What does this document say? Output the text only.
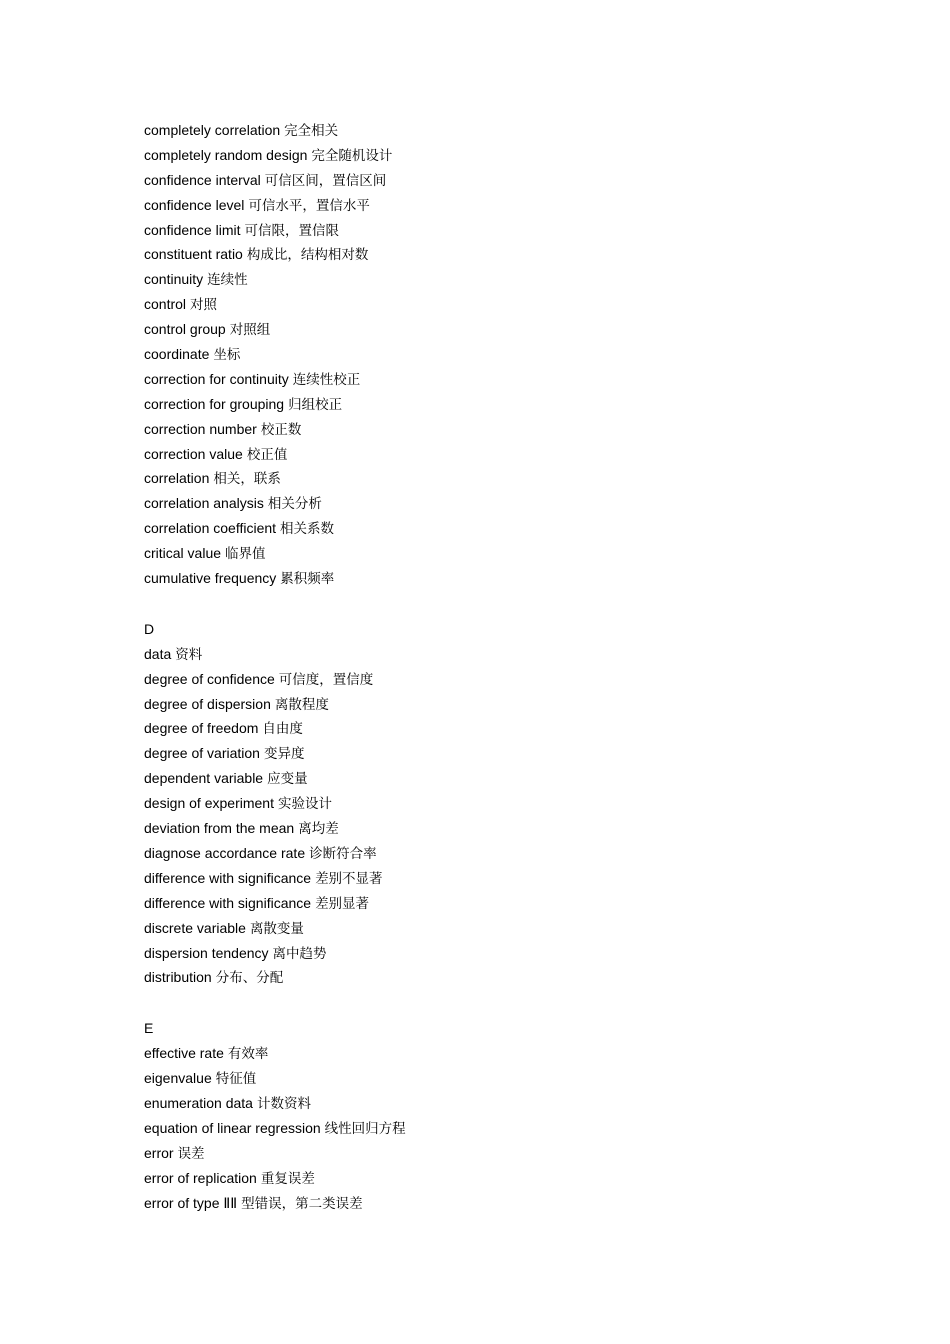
completely correlation 完全相关
completely random design 完全随机设计
confidence interval 可信区间，置信区间
confidence level 可信水平，置信水平
confidence limit 可信限，置信限
constituent ratio 构成比，结构相对数
continuity 连续性
control 对照
control group 对照组
coordinate 坐标
correction for continuity 连续性校正
correction for grouping 归组校正
correction number 校正数
correction value 校正值
correlation 相关，联系
correlation analysis 相关分析
correlation coefficient 相关系数
critical value 临界值
cumulative frequency 累积频率
D
data 资料
degree of confidence 可信度，置信度
degree of dispersion 离散程度
degree of freedom 自由度
degree of variation 变异度
dependent variable 应变量
design of experiment 实验设计
deviation from the mean 离均差
diagnose accordance rate 诊断符合率
difference with significance 差别不显著
difference with significance 差别显著
discrete variable 离散变量
dispersion tendency 离中趋势
distribution 分布、分配
E
effective rate 有效率
eigenvalue 特征值
enumeration data 计数资料
equation of linear regression 线性回归方程
error 误差
error of replication 重复误差
error of type ⅡⅡ 型错误，第二类误差
